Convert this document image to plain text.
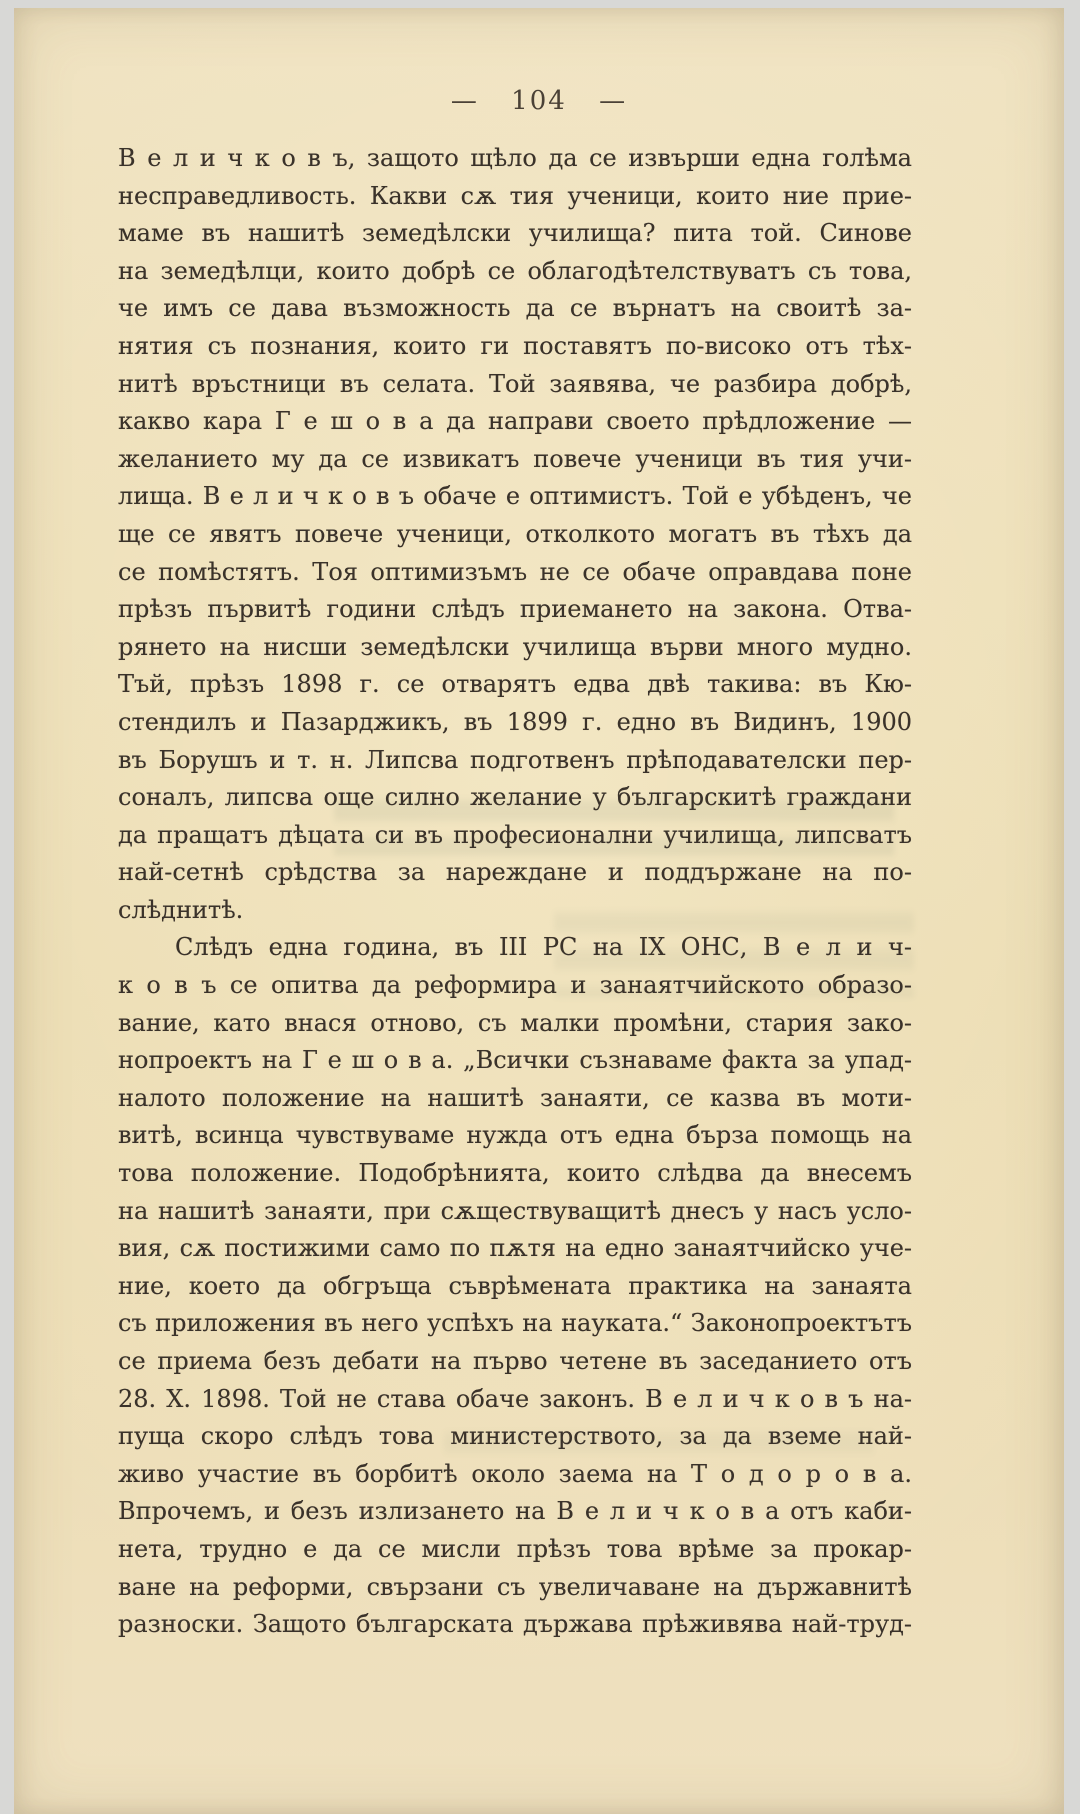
— 104 —
В е л и ч к о в ъ, защото щѣло да се извърши една голѣма
несправедливость. Какви сѫ тия ученици, които ние прие-
маме въ нашитѣ земедѣлски училища? пита той. Синове
на земедѣлци, които добрѣ се облагодѣтелствуватъ съ това,
че имъ се дава възможность да се върнатъ на своитѣ за-
нятия съ познания, които ги поставятъ по-високо отъ тѣх-
нитѣ връстници въ селата. Той заявява, че разбира добрѣ,
какво кара Г е ш о в а да направи своето прѣдложение —
желанието му да се извикатъ повече ученици въ тия учи-
лища. В е л и ч к о в ъ обаче е оптимистъ. Той е убѣденъ, че
ще се явятъ повече ученици, отколкото могатъ въ тѣхъ да
се помѣстятъ. Тоя оптимизъмъ не се обаче оправдава поне
прѣзъ първитѣ години слѣдъ приемането на закона. Отва-
рянето на нисши земедѣлски училища върви много мудно.
Тъй, прѣзъ 1898 г. се отварятъ едва двѣ такива: въ Кю-
стендилъ и Пазарджикъ, въ 1899 г. едно въ Видинъ, 1900
въ Борушъ и т. н. Липсва подготвенъ прѣподавателски пер-
соналъ, липсва още силно желание у българскитѣ граждани
да пращатъ дѣцата си въ професионални училища, липсватъ
най-сетнѣ срѣдства за нареждане и поддържане на по-
слѣднитѣ.
Слѣдъ една година, въ III РС на IX ОНС, В е л и ч-
к о в ъ се опитва да реформира и занаятчийското образо-
вание, като внася отново, съ малки промѣни, стария зако-
нопроектъ на Г е ш о в а. „Всички съзнаваме факта за упад-
налото положение на нашитѣ занаяти, се казва въ моти-
витѣ, всинца чувствуваме нужда отъ една бърза помощь на
това положение. Подобрѣнията, които слѣдва да внесемъ
на нашитѣ занаяти, при сѫществуващитѣ днесъ у насъ усло-
вия, сѫ постижими само по пѫтя на едно занаятчийско уче-
ние, което да обгръща съврѣмената практика на занаята
съ приложения въ него успѣхъ на науката.“ Законопроектътъ
се приема безъ дебати на първо четене въ заседанието отъ
28. X. 1898. Той не става обаче законъ. В е л и ч к о в ъ на-
пуща скоро слѣдъ това министерството, за да вземе най-
живо участие въ борбитѣ около заема на Т о д о р о в а.
Впрочемъ, и безъ излизането на В е л и ч к о в а отъ каби-
нета, трудно е да се мисли прѣзъ това врѣме за прокар-
ване на реформи, свързани съ увеличаване на държавнитѣ
разноски. Защото българската държава прѣживява най-труд-
